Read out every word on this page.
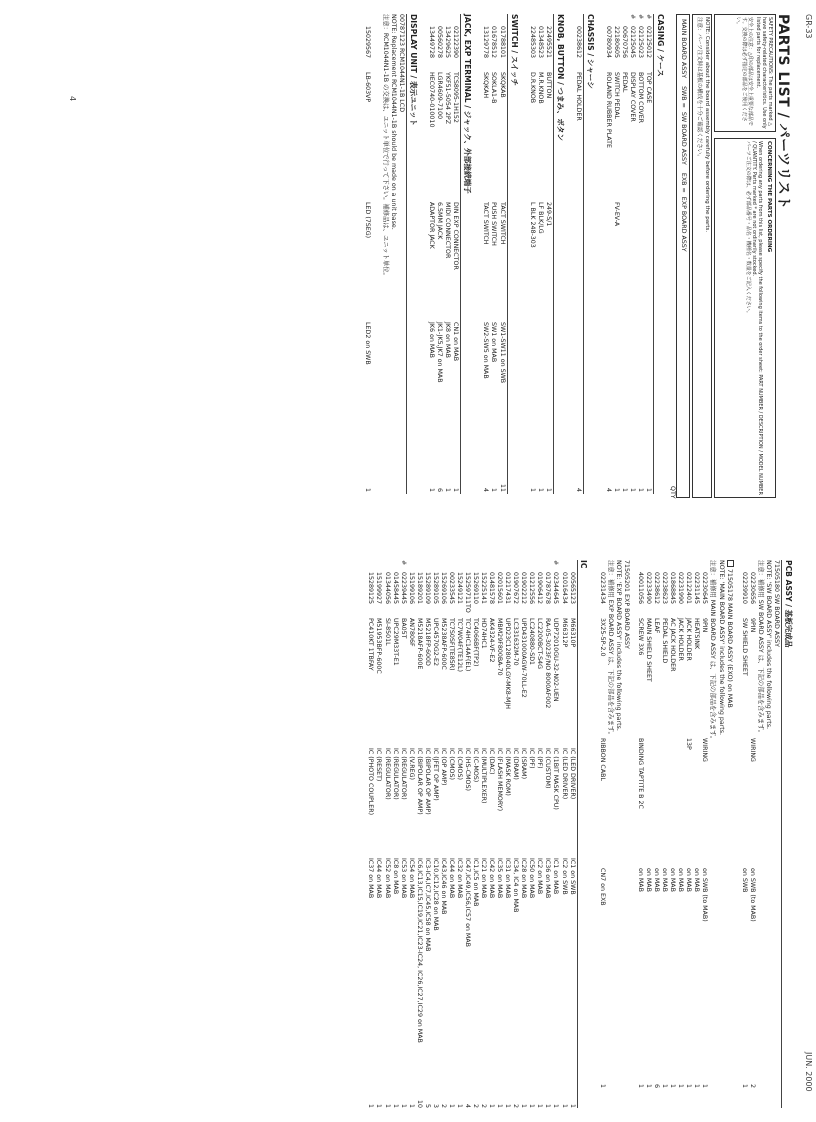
GR-33
JUN. 2000
4	PARTS LIST / パーツリスト
SAFETY PRECAUTIONS: The parts marked △ have safety-related characteristics. Use only listed parts for replacement.
安全上の注意：△印の部品は安全上重要な部品です。交換の際は必ず指定の部品をご使用ください。
CONCERNING THE PARTS ORDERING
When ordering any parts from this list, please specify the following items to the order sheet: PART NUMBER / DESCRIPTION / MODEL NUMBER / QUANTITY. Parts marked * are not ordinarily stocked.
パーツご注文の際は、必ず部品番号・品名・機種名・数量をご記入ください。
NOTE: Consider about the board assembly carefully before ordering the parts.
注意：パーツ注文時は基板の構成を十分ご確認ください。
MAIN BOARD ASSY    SWB =  SW BOARD ASSY    EXB =  EXP BOARD ASSY
QTY
CASING / ケース
#	02125012	TOP CASE			1
#	02125023	BOTTOM COVER			1
#	02125045	DISPLAY COVER			1
	00670756	PEDAL			1
	22180605	SWITCH PEDAL	FV-EV-A		1
	00780934	ROLAND RUBBER PLATE			4
CHASSIS / シャーシ
	00238612	PEDAL HOLDER			4
KNOB, BUTTON / つまみ、ボタン
	22495521	BUTTON	249-S/1		1
	01348523	M.R.KNOB	LF BLK/LG		1
	22485303	D.R.KNOB	L BLK 248-303		1
SWITCH / スイッチ
	01788101	SKQKAB	TACT SWITCH	SW1-SW11 on SWB	11
	01678512	SOKLA1-B	PUSH SWITCH	SW1 on MAB	1
	13129778	SKQKAH	TACT SWITCH	SW2-SW5 on MAB	4
JACK, EXP TERMINAL / ジャック、外部接続端子
	02122390	TCS8095-1H152	DIN EXP CONNECTOR	CN1 on MAB	1
	13429625	YKF51-5054 2PZ	MIDI CONNECTOR	JK8 on MAB	1
	00560278	LGR4609-7100	6.5MM JACK	JK1-JK5,JK7 on MAB	6
	13449728	HEC0740-010010	ADAPTOR JACK	JK6 on MAB	1
DISPLAY UNIT / 表示ユニット
00787123 RCM1044N1-1B LCD
NOTE: Replacement RCM1044N1-1B should be made on a unit base.
注意：RCM1044N1-1B の交換は、ユニット単位で行って下さい。補修品は、ユニット単位。
	15029567	LB-603VP	LED (7SEG)	LED2 on SWB	1
PCB ASSY / 基板完成品
71505180 SW BOARD ASSY
NOTE: 'SW BOARD ASSY' includes the following parts.
注意：補修用 SW BOARD ASSY は、下記の部品を含みます。
	02230656	9PIN	WIRING	on SWB (to MAB)	2
	02239910	SW SHIELD SHEET		on SWB	1
71505178 MAIN BOARD ASSY (EXO) on MAB
NOTE: 'MAIN BOARD ASSY' includes the following parts.
注意：補修用 MAIN BOARD ASSY は、下記の部品を含みます。
	02230645	9PIN	WIRING	on SWB (to MAB)	1
	02231145	HEATSINK		on MAB	1
	02122401	JACK HOLDER	13P	on MAB	1
	02231990	JACK HOLDER		on MAB	1
	01868845	AC JACK HOLDER		on MAB	1
	02238623	PEDAL SHIELD		on MAB	1
	02238612	LEAF		on MAB	6
	02233490	MAIN SHIELD SHEET		on MAB	1
	40011056	SCREW 3X6	BINDING TAPTITE B 2C	on MAB	1
71505201 EXP BOARD ASSY
NOTE: 'EXP BOARD ASSY' includes the following parts.
注意：補修用 EXP BOARD ASSY は、下記の部品を含みます。
	02231434	3X25-5P-2.0	RIBBON CABL	CN7 on EXB	1
IC
	00565123	M66310P	IC (LED DRIVER)	IC1 on SWB	1
	01016434	M66312P	IC (LED DRIVER)	IC2 on SWB	1
#	02344645	UDP72010GU-32-N02-UEN	IC (1BIT MASK CPU)	IC1 on MAB	1
	01787678	RA-05-3023F/NO 8000AF002	IC (CUSTOM)	IC36 on MAB	1
	01906412	LC2200BCT-S4G	IC (PF)	IC2 on MAB	1
	01212556	LC240880-SD1	IC (PF)	IC50 on MAB	1
	01902212	UPD431000AGW-70LL-E2	IC (SRAM)	IC28 on MAB	1
	01907672	LC331632M-70	IC (DRAM)	IC34, IC4 on MAB	2
	01217431	UPD23C128040LGY-MK8-MJH	IC (MASK ROM)	IC31 on MAB	1
	02015601	MBM29F800BA-70	IC (FLASH MEMORY)	IC35 on MAB	1
	01481578	AK4324-VF-E2	IC (DAC)	IC42 on MAB	1
	15225141	HD74HC1	IC (MULTIPLEXER)	IC21 on MAB	2
	15269110	TC4066BF(TP2)	IC (C-MOS)	IC1,IC5 on MAB	2
	15259711TO	TC74HC14AF(EL)	IC (HS-CMOS)	IC47,IC49,IC56,IC57 on MAB	4
	15249121	TC7W04F(TE12L)	IC (CMOS)	IC32 on MAB	1
	00233545	TC7S0SF(TE85R)	IC (CMOS)	IC44 on MAB	1
	15269106	M5238AFP-600C	IC (OP AMP)	IC43,IC46 on MAB	2
	15289105	UPC4570G2-E2	IC (JFET OP AMP)	IC10,IC12,IC28 on MAB	3
	15289109	M5218FP-600D	IC (BIPOLAR OP AMP)	IC3-IC4,IC7,IC45,IC58 on MAB	5
	15189201	M5218AFP-600E	IC (BIPOLAR OP AMP)	IC6,IC13,IC15,IC19,IC21,IC23-IC24, IC26,IC27,IC29 on MAB	10
	15199106	AN7806F	IC (V.REG)	IC54 on MAB	1
#	02239445	BA05T	IC (REGULATOR)	IC53 on MAB	1
	01458445	UPC29M33T-E1	IC (REGULATOR)	IC8 on MAB	1
	01344056	SI-8501L	IC (REGULATOR)	IC52 on MAB	1
	15199927	M51953BFP-600C	IC (RESET)	IC44 on MAB	1
	15289125	PC410KT 1TBFAY	IC (PHOTO COUPLER)	IC37 on MAB	1
